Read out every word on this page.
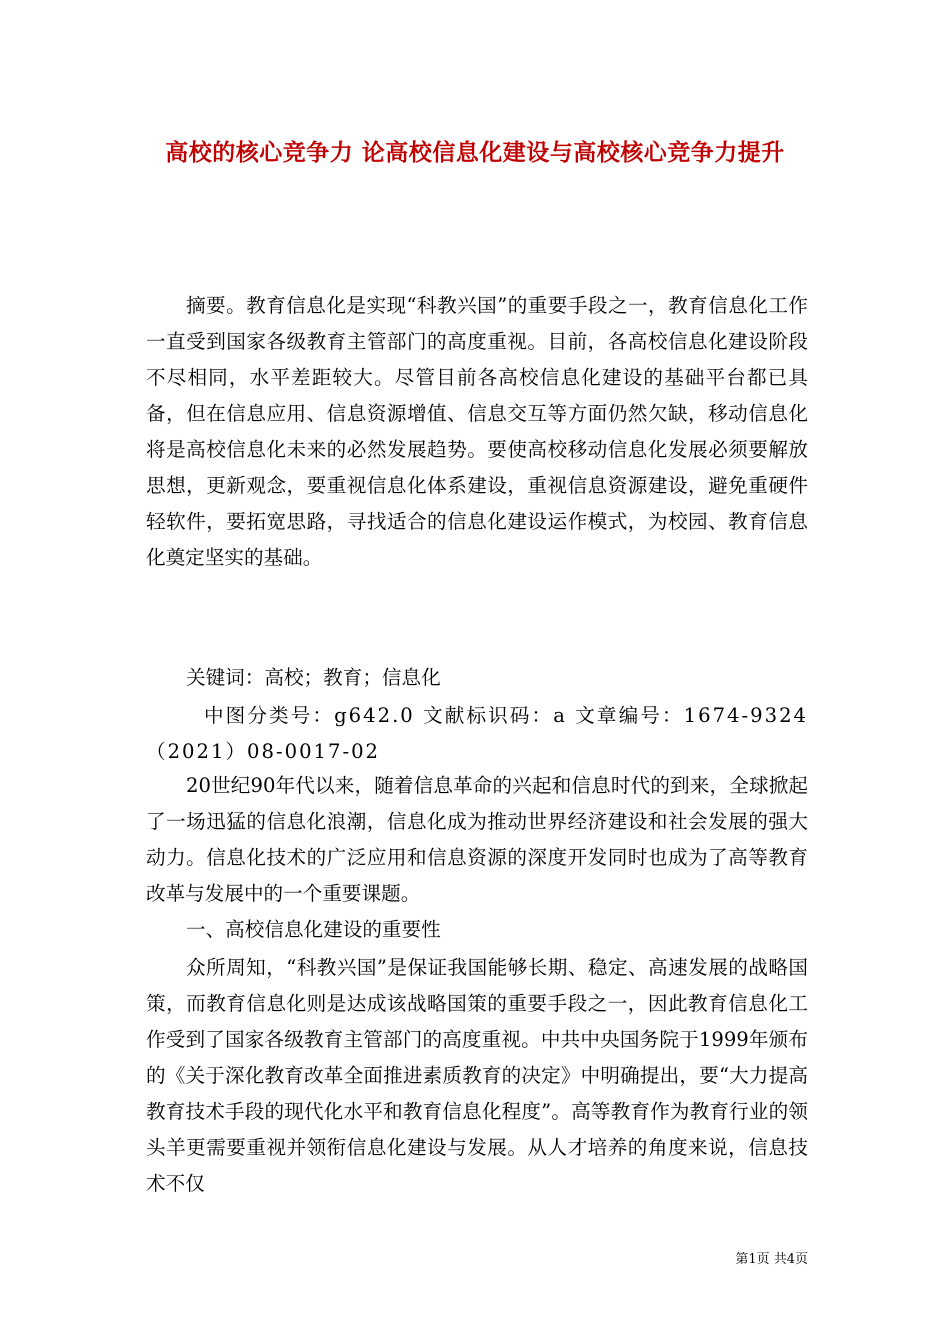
高校的核心竞争力 论高校信息化建设与高校核心竞争力提升

摘要。教育信息化是实现“科教兴国”的重要手段之一，教育信息化工作一直受到国家各级教育主管部门的高度重视。目前，各高校信息化建设阶段不尽相同，水平差距较大。尽管目前各高校信息化建设的基础平台都已具备，但在信息应用、信息资源增值、信息交互等方面仍然欠缺，移动信息化将是高校信息化未来的必然发展趋势。要使高校移动信息化发展必须要解放思想，更新观念，要重视信息化体系建设，重视信息资源建设，避免重硬件轻软件，要拓宽思路，寻找适合的信息化建设运作模式，为校园、教育信息化奠定坚实的基础。

关键词：高校；教育；信息化

中图分类号：g642.0 文献标识码：a 文章编号：1674-9324（2021）08-0017-02

20世纪90年代以来，随着信息革命的兴起和信息时代的到来，全球掀起了一场迅猛的信息化浪潮，信息化成为推动世界经济建设和社会发展的强大动力。信息化技术的广泛应用和信息资源的深度开发同时也成为了高等教育改革与发展中的一个重要课题。

一、高校信息化建设的重要性

众所周知，“科教兴国”是保证我国能够长期、稳定、高速发展的战略国策，而教育信息化则是达成该战略国策的重要手段之一，因此教育信息化工作受到了国家各级教育主管部门的高度重视。中共中央国务院于1999年颁布的《关于深化教育改革全面推进素质教育的决定》中明确提出，要“大力提高教育技术手段的现代化水平和教育信息化程度”。高等教育作为教育行业的领头羊更需要重视并领衔信息化建设与发展。从人才培养的角度来说，信息技术不仅

第1页 共4页
